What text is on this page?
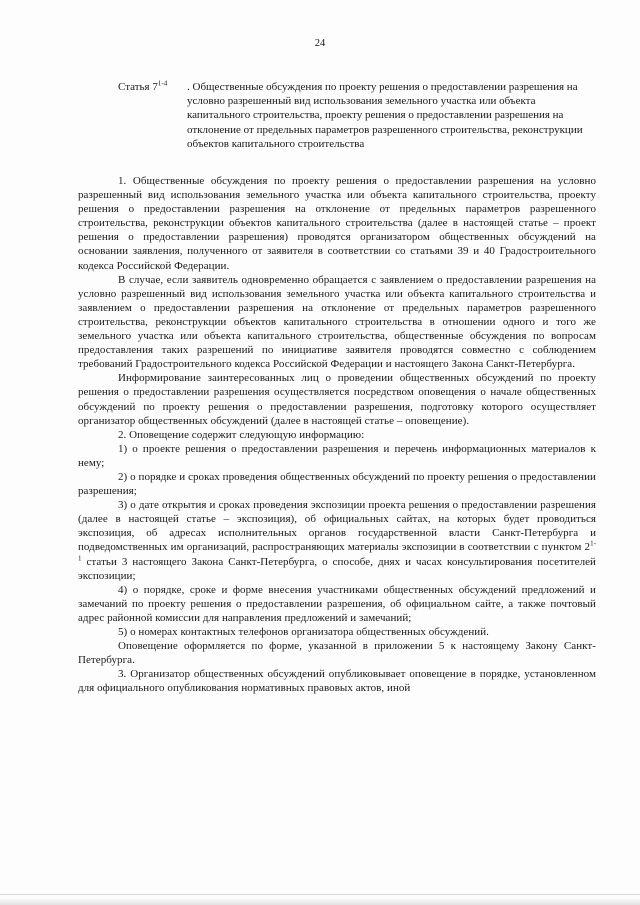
24
Статья 7$^{1-4}$ . Общественные обсуждения по проекту решения о предоставлении разрешения на условно разрешенный вид использования земельного участка или объекта капитального строительства, проекту решения о предоставлении разрешения на отклонение от предельных параметров разрешенного строительства, реконструкции объектов капитального строительства

1. Общественные обсуждения по проекту решения о предоставлении разрешения на условно разрешенный вид использования земельного участка или объекта капитального строительства, проекту решения о предоставлении разрешения на отклонение от предельных параметров разрешенного строительства, реконструкции объектов капитального строительства (далее в настоящей статье – проект решения о предоставлении разрешения) проводятся организатором общественных обсуждений на основании заявления, полученного от заявителя в соответствии со статьями 39 и 40 Градостроительного кодекса Российской Федерации.

В случае, если заявитель одновременно обращается с заявлением о предоставлении разрешения на условно разрешенный вид использования земельного участка или объекта капитального строительства и заявлением о предоставлении разрешения на отклонение от предельных параметров разрешенного строительства, реконструкции объектов капитального строительства в отношении одного и того же земельного участка или объекта капитального строительства, общественные обсуждения по вопросам предоставления таких разрешений по инициативе заявителя проводятся совместно с соблюдением требований Градостроительного кодекса Российской Федерации и настоящего Закона Санкт-Петербурга.

Информирование заинтересованных лиц о проведении общественных обсуждений по проекту решения о предоставлении разрешения осуществляется посредством оповещения о начале общественных обсуждений по проекту решения о предоставлении разрешения, подготовку которого осуществляет организатор общественных обсуждений (далее в настоящей статье – оповещение).

2. Оповещение содержит следующую информацию:

1) о проекте решения о предоставлении разрешения и перечень информационных материалов к нему;

2) о порядке и сроках проведения общественных обсуждений по проекту решения о предоставлении разрешения;

3) о дате открытия и сроках проведения экспозиции проекта решения о предоставлении разрешения (далее в настоящей статье – экспозиция), об официальных сайтах, на которых будет проводиться экспозиция, об адресах исполнительных органов государственной власти Санкт-Петербурга и подведомственных им организаций, распространяющих материалы экспозиции в соответствии с пунктом 2$^{1-1}$ статьи 3 настоящего Закона Санкт-Петербурга, о способе, днях и часах консультирования посетителей экспозиции;

4) о порядке, сроке и форме внесения участниками общественных обсуждений предложений и замечаний по проекту решения о предоставлении разрешения, об официальном сайте, а также почтовый адрес районной комиссии для направления предложений и замечаний;

5) о номерах контактных телефонов организатора общественных обсуждений.

Оповещение оформляется по форме, указанной в приложении 5 к настоящему Закону Санкт-Петербурга.

3. Организатор общественных обсуждений опубликовывает оповещение в порядке, установленном для официального опубликования нормативных правовых актов, иной
